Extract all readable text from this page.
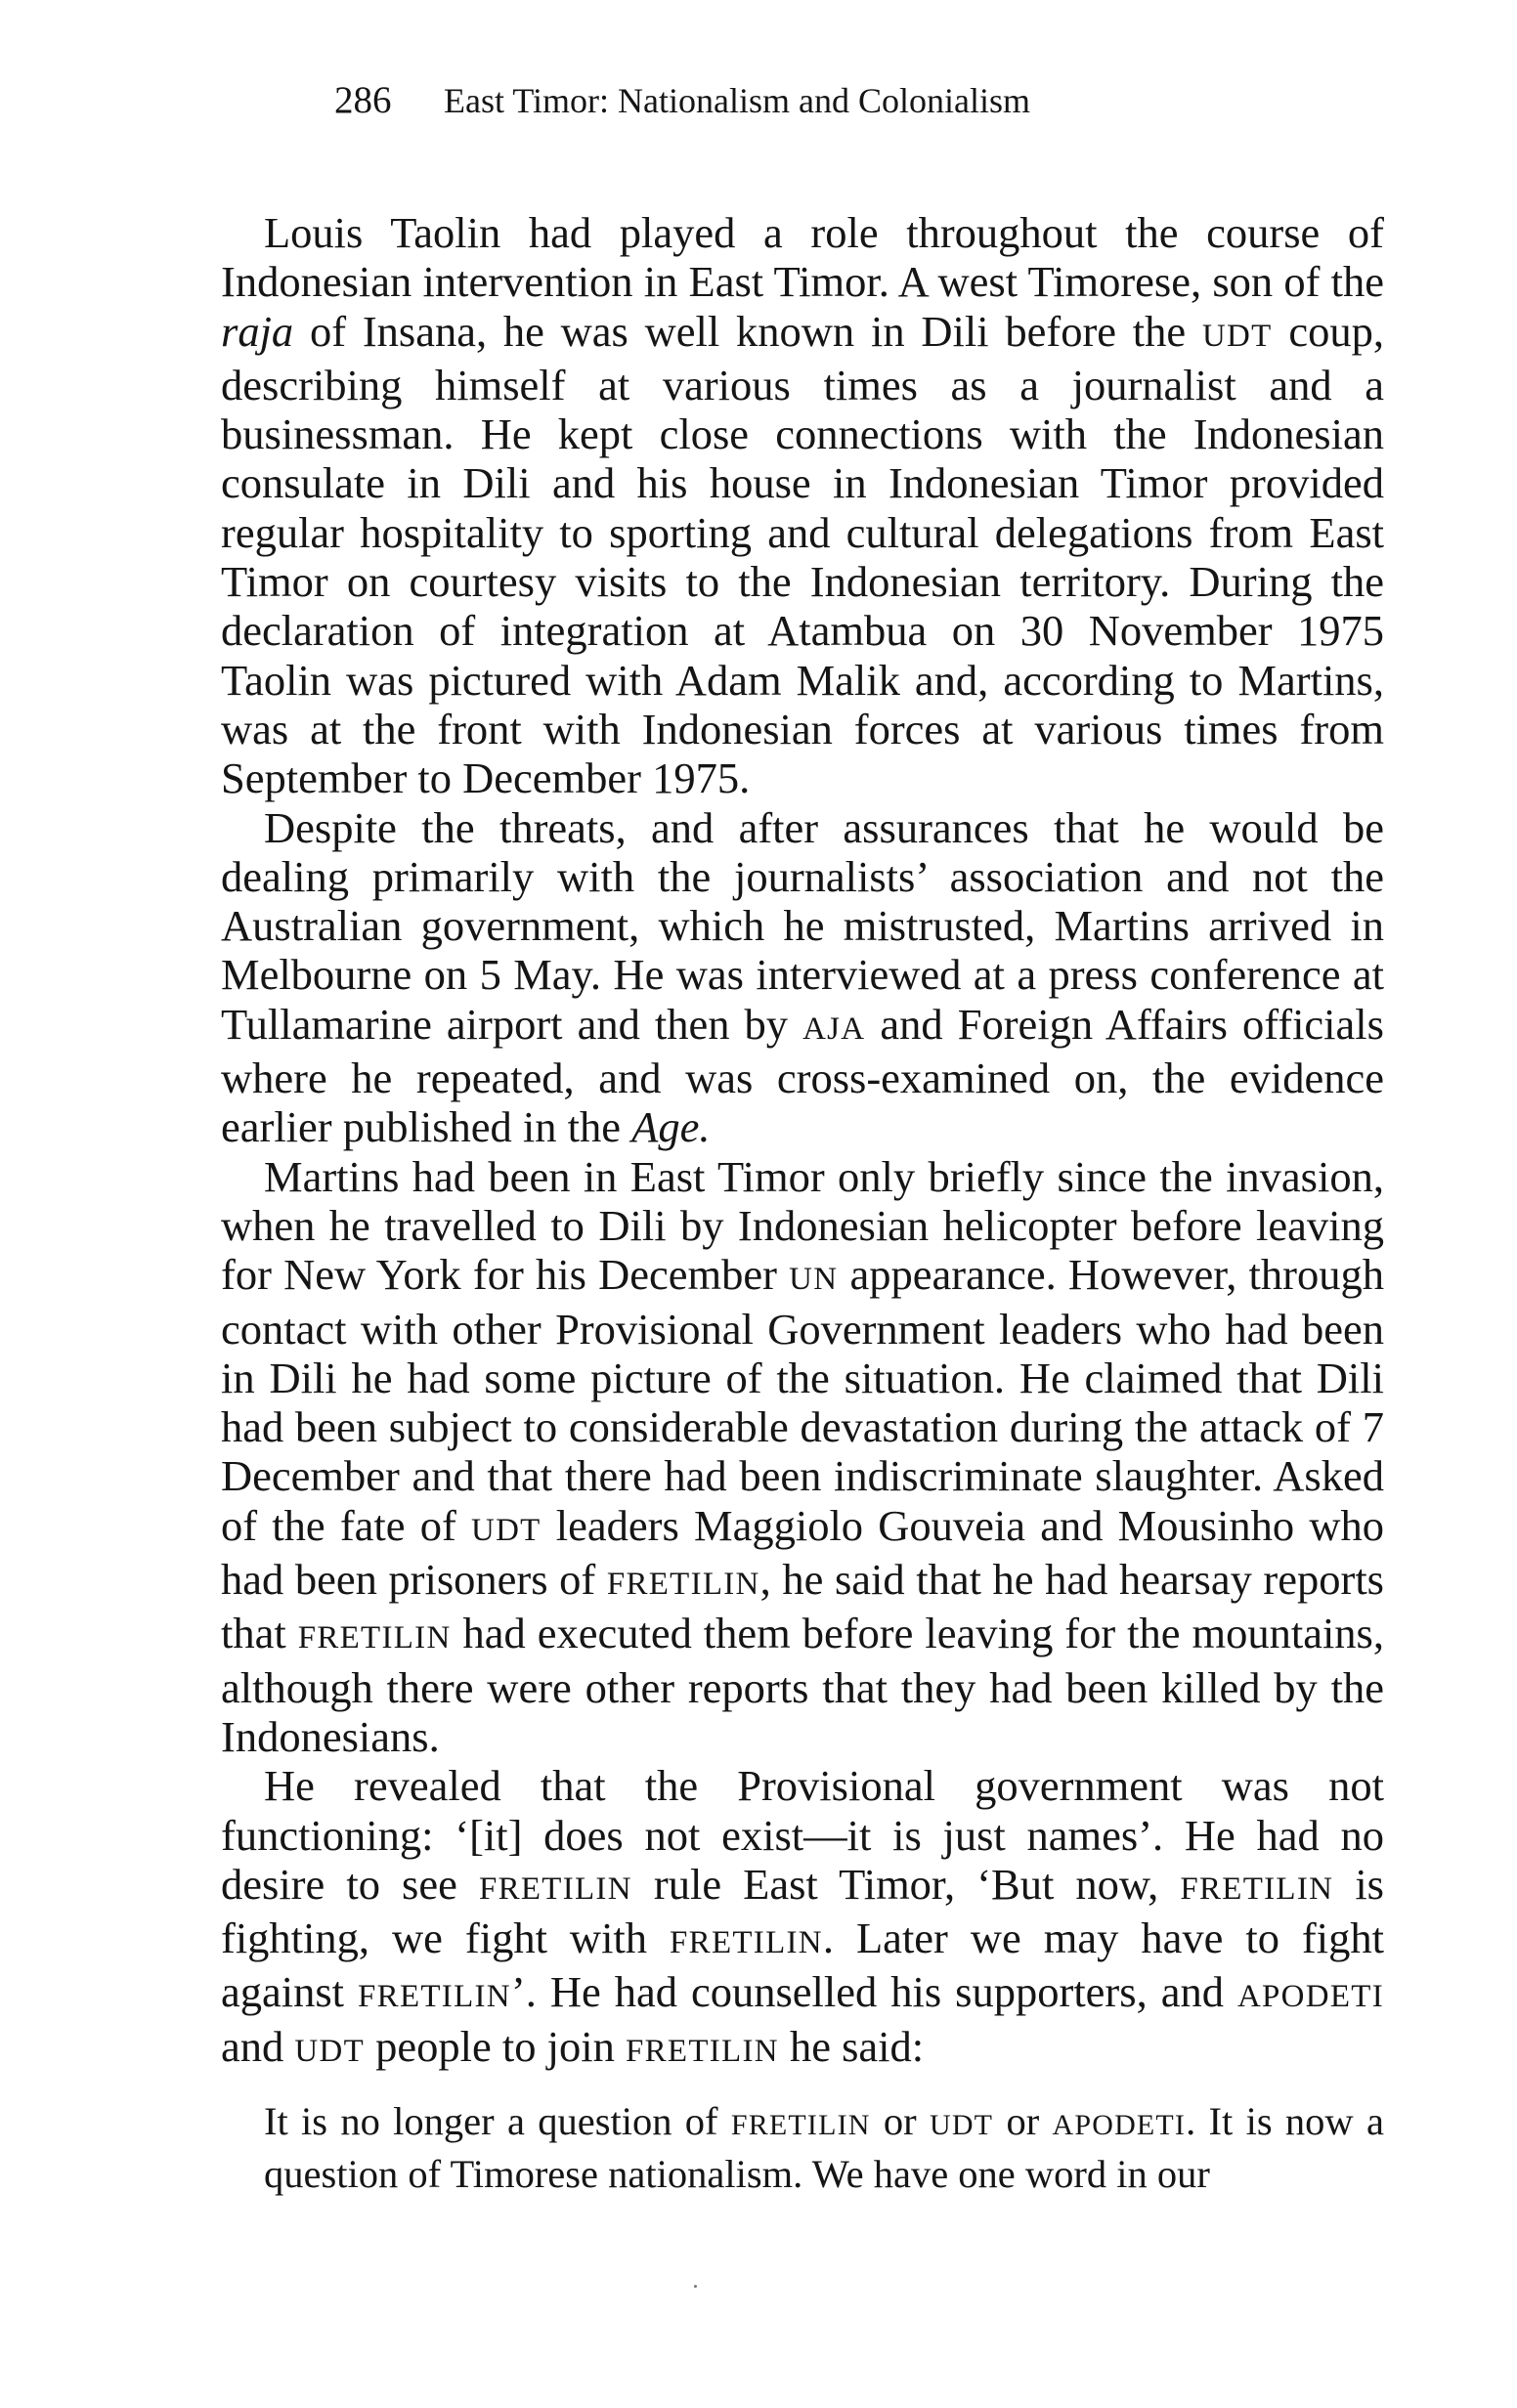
286 East Timor: Nationalism and Colonialism

Louis Taolin had played a role throughout the course of Indonesian intervention in East Timor. A west Timorese, son of the raja of Insana, he was well known in Dili before the UDT coup, describing himself at various times as a journalist and a businessman. He kept close connections with the Indonesian consulate in Dili and his house in Indonesian Timor provided regular hospitality to sporting and cultural delegations from East Timor on courtesy visits to the Indonesian territory. During the declaration of integration at Atambua on 30 November 1975 Taolin was pictured with Adam Malik and, according to Martins, was at the front with Indonesian forces at various times from September to December 1975.

Despite the threats, and after assurances that he would be dealing primarily with the journalists’ association and not the Australian government, which he mistrusted, Martins arrived in Melbourne on 5 May. He was interviewed at a press conference at Tullamarine airport and then by AJA and Foreign Affairs officials where he repeated, and was cross-examined on, the evidence earlier published in the Age.

Martins had been in East Timor only briefly since the invasion, when he travelled to Dili by Indonesian helicopter before leaving for New York for his December UN appearance. However, through contact with other Provisional Government leaders who had been in Dili he had some picture of the situation. He claimed that Dili had been subject to considerable devastation during the attack of 7 December and that there had been indiscriminate slaughter. Asked of the fate of UDT leaders Maggiolo Gouveia and Mousinho who had been prisoners of FRETILIN, he said that he had hearsay reports that FRETILIN had executed them before leaving for the mountains, although there were other reports that they had been killed by the Indonesians.

He revealed that the Provisional government was not functioning: ‘[it] does not exist—it is just names’. He had no desire to see FRETILIN rule East Timor, ‘But now, FRETILIN is fighting, we fight with FRETILIN. Later we may have to fight against FRETILIN’. He had counselled his supporters, and APODETI and UDT people to join FRETILIN he said:

It is no longer a question of FRETILIN or UDT or APODETI. It is now a question of Timorese nationalism. We have one word in our
